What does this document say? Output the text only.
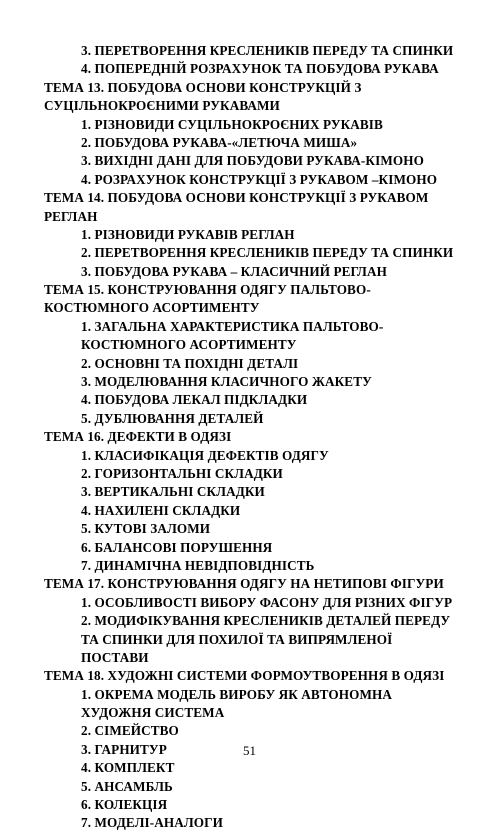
3. ПЕРЕТВОРЕННЯ КРЕСЛЕНИКІВ ПЕРЕДУ ТА СПИНКИ
4. ПОПЕРЕДНІЙ РОЗРАХУНОК ТА ПОБУДОВА РУКАВА
ТЕМА 13. ПОБУДОВА ОСНОВИ КОНСТРУКЦІЙ З
СУЦІЛЬНОКРОЄНИМИ РУКАВАМИ
1. РІЗНОВИДИ СУЦІЛЬНОКРОЄНИХ РУКАВІВ
2. ПОБУДОВА РУКАВА-«ЛЕТЮЧА МИША»
3. ВИХІДНІ ДАНІ ДЛЯ ПОБУДОВИ РУКАВА-КІМОНО
4. РОЗРАХУНОК КОНСТРУКЦІЇ З РУКАВОМ –КІМОНО
ТЕМА 14. ПОБУДОВА ОСНОВИ КОНСТРУКЦІЇ З РУКАВОМ
РЕГЛАН
1. РІЗНОВИДИ РУКАВІВ РЕГЛАН
2. ПЕРЕТВОРЕННЯ КРЕСЛЕНИКІВ ПЕРЕДУ ТА СПИНКИ
3. ПОБУДОВА РУКАВА – КЛАСИЧНИЙ РЕГЛАН
ТЕМА 15. КОНСТРУЮВАННЯ ОДЯГУ ПАЛЬТОВО-
КОСТЮМНОГО АСОРТИМЕНТУ
1. ЗАГАЛЬНА ХАРАКТЕРИСТИКА ПАЛЬТОВО-
КОСТЮМНОГО АСОРТИМЕНТУ
2. ОСНОВНІ ТА ПОХІДНІ ДЕТАЛІ
3. МОДЕЛЮВАННЯ КЛАСИЧНОГО ЖАКЕТУ
4. ПОБУДОВА ЛЕКАЛ ПІДКЛАДКИ
5. ДУБЛЮВАННЯ ДЕТАЛЕЙ
ТЕМА 16. ДЕФЕКТИ В ОДЯЗІ
1. КЛАСИФІКАЦІЯ ДЕФЕКТІВ ОДЯГУ
2. ГОРИЗОНТАЛЬНІ СКЛАДКИ
3. ВЕРТИКАЛЬНІ СКЛАДКИ
4. НАХИЛЕНІ СКЛАДКИ
5. КУТОВІ ЗАЛОМИ
6. БАЛАНСОВІ ПОРУШЕННЯ
7. ДИНАМІЧНА НЕВІДПОВІДНІСТЬ
ТЕМА 17. КОНСТРУЮВАННЯ ОДЯГУ НА НЕТИПОВІ ФІГУРИ
1. ОСОБЛИВОСТІ ВИБОРУ ФАСОНУ ДЛЯ РІЗНИХ ФІГУР
2. МОДИФІКУВАННЯ КРЕСЛЕНИКІВ ДЕТАЛЕЙ ПЕРЕДУ
ТА СПИНКИ ДЛЯ ПОХИЛОЇ ТА ВИПРЯМЛЕНОЇ
ПОСТАВИ
ТЕМА 18. ХУДОЖНІ СИСТЕМИ ФОРМОУТВОРЕННЯ В ОДЯЗІ
1. ОКРЕМА МОДЕЛЬ ВИРОБУ ЯК АВТОНОМНА
ХУДОЖНЯ СИСТЕМА
2. СІМЕЙСТВО
3. ГАРНИТУР
4. КОМПЛЕКТ
5. АНСАМБЛЬ
6. КОЛЕКЦІЯ
7. МОДЕЛІ-АНАЛОГИ
51
